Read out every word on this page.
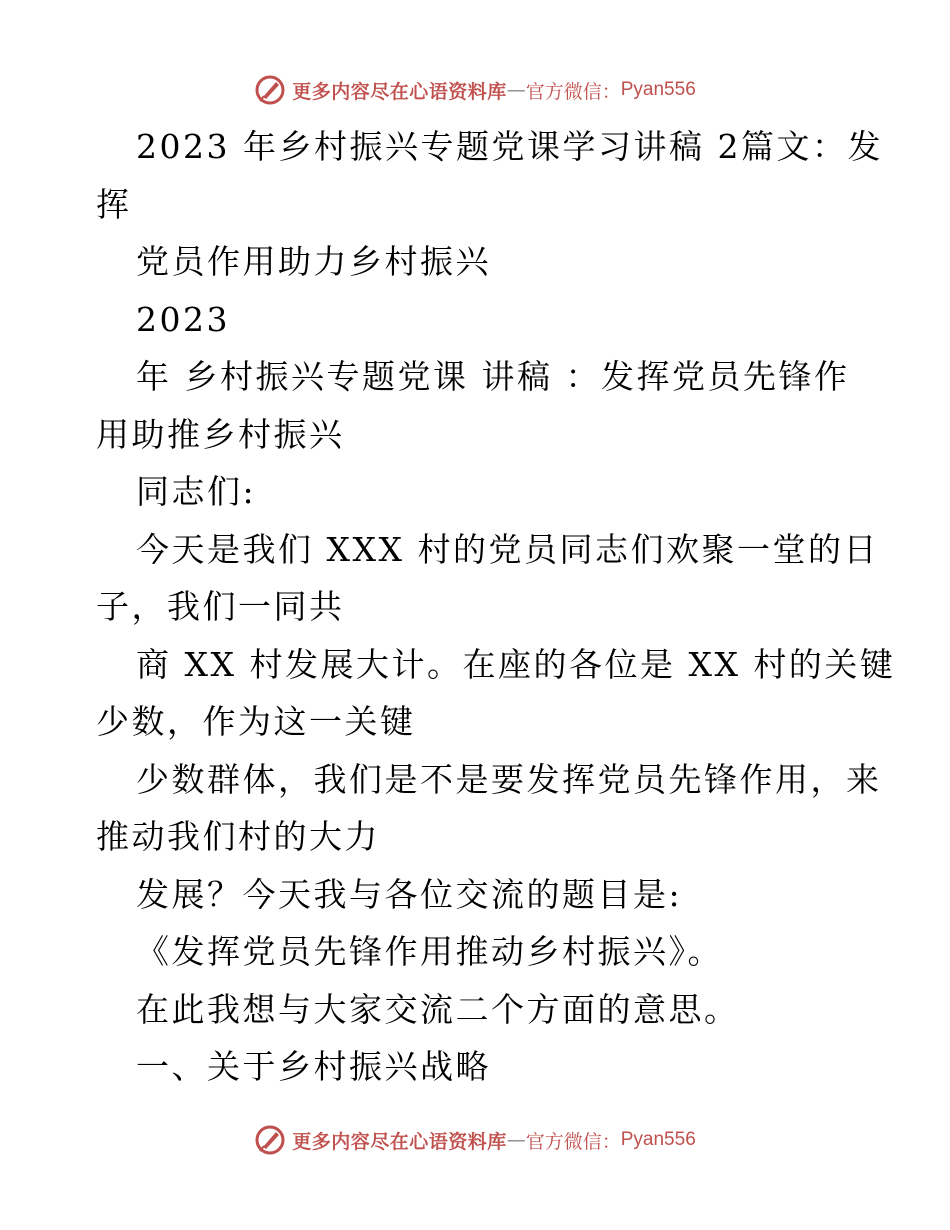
更多内容尽在心语资料库 — 官方微信： Pyan556
2023 年乡村振兴专题党课学习讲稿 2篇文：发
挥
党员作用助力乡村振兴
2023
年 乡村振兴专题党课 讲稿 ：发挥党员先锋作
用助推乡村振兴
同志们:
今天是我们 XXX 村的党员同志们欢聚一堂的日
子，我们一同共
商 XX 村发展大计。在座的各位是 XX 村的关键
少数，作为这一关键
少数群体，我们是不是要发挥党员先锋作用，来
推动我们村的大力
发展？今天我与各位交流的题目是:
《发挥党员先锋作用推动乡村振兴》。
在此我想与大家交流二个方面的意思。
一、关于乡村振兴战略
更多内容尽在心语资料库 — 官方微信： Pyan556
